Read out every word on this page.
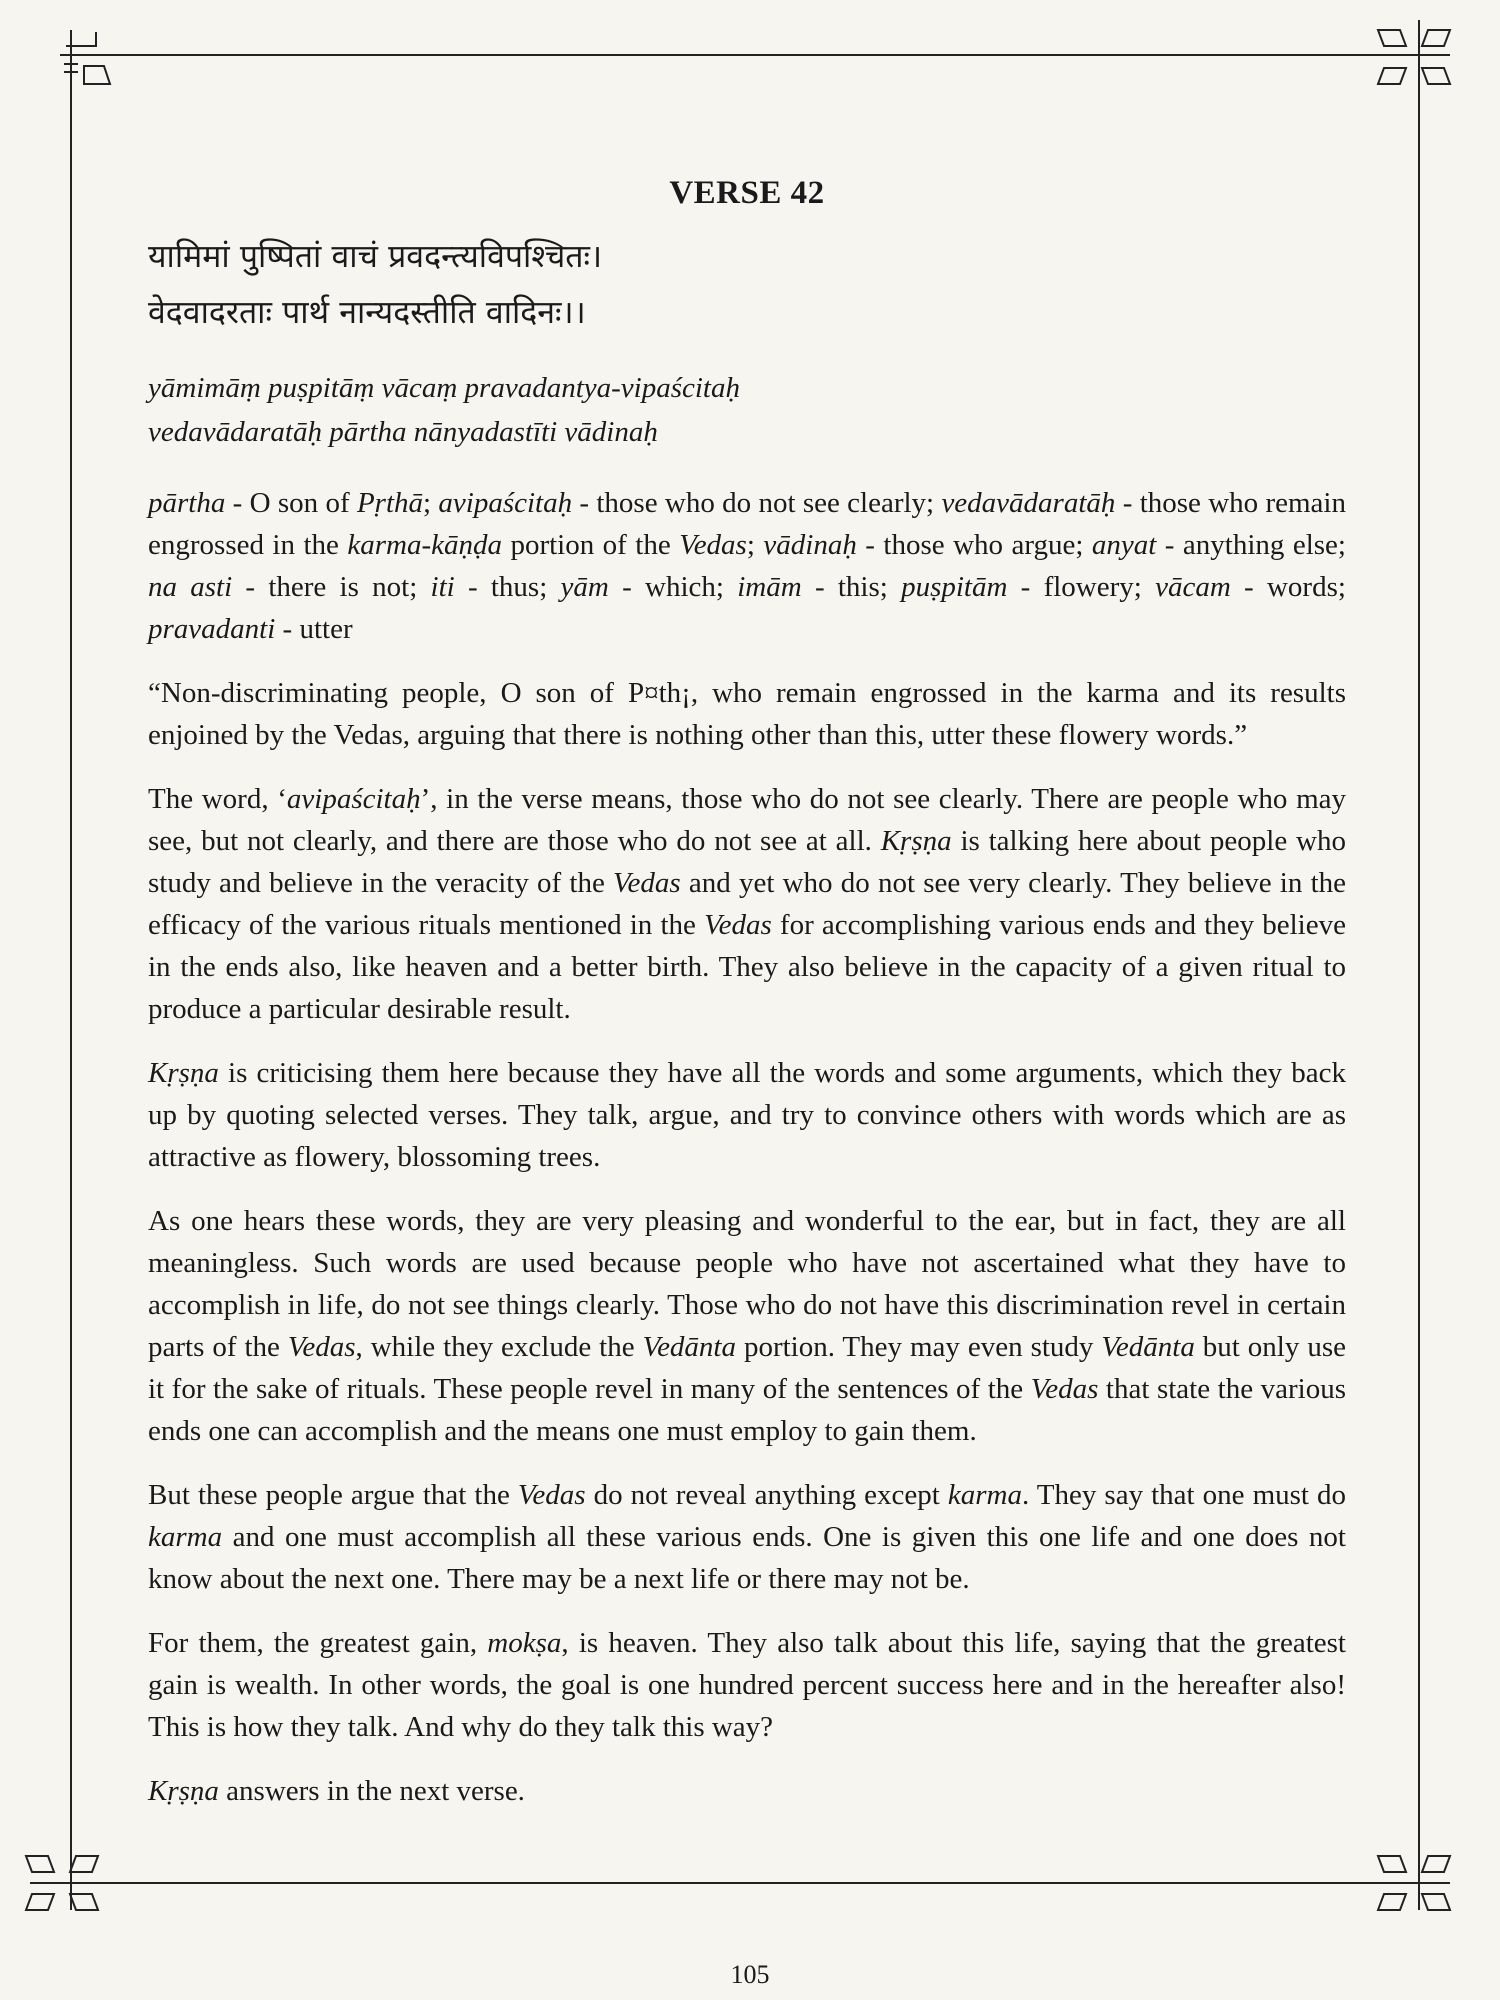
VERSE 42
यामिमां पुष्पितां वाचं प्रवदन्त्यविपश्चितः।
वेदवादरताः पार्थ नान्यदस्तीति वादिनः।।
yāmimāṃ puṣpitāṃ vācaṃ pravadantya-vipaścitaḥ
vedavādaratāḥ pārtha nānyadastīti vādinaḥ

pārtha - O son of Pṛthā; avipaścitaḥ - those who do not see clearly; vedavādaratāḥ - those who remain engrossed in the karma-kāṇḍa portion of the Vedas; vādinaḥ - those who argue; anyat - anything else; na asti - there is not; iti - thus; yām - which; imām - this; puṣpitām - flowery; vācam - words; pravadanti - utter

“Non-discriminating people, O son of P¤th¡, who remain engrossed in the karma and its results enjoined by the Vedas, arguing that there is nothing other than this, utter these flowery words.”

The word, ‘avipaścitaḥ’, in the verse means, those who do not see clearly. There are people who may see, but not clearly, and there are those who do not see at all. Kṛṣṇa is talking here about people who study and believe in the veracity of the Vedas and yet who do not see very clearly. They believe in the efficacy of the various rituals mentioned in the Vedas for accomplishing various ends and they believe in the ends also, like heaven and a better birth. They also believe in the capacity of a given ritual to produce a particular desirable result.

Kṛṣṇa is criticising them here because they have all the words and some arguments, which they back up by quoting selected verses. They talk, argue, and try to convince others with words which are as attractive as flowery, blossoming trees.

As one hears these words, they are very pleasing and wonderful to the ear, but in fact, they are all meaningless. Such words are used because people who have not ascertained what they have to accomplish in life, do not see things clearly. Those who do not have this discrimination revel in certain parts of the Vedas, while they exclude the Vedānta portion. They may even study Vedānta but only use it for the sake of rituals. These people revel in many of the sentences of the Vedas that state the various ends one can accomplish and the means one must employ to gain them.

But these people argue that the Vedas do not reveal anything except karma. They say that one must do karma and one must accomplish all these various ends. One is given this one life and one does not know about the next one. There may be a next life or there may not be.

For them, the greatest gain, mokṣa, is heaven. They also talk about this life, saying that the greatest gain is wealth. In other words, the goal is one hundred percent success here and in the hereafter also! This is how they talk. And why do they talk this way?

Kṛṣṇa answers in the next verse.

105
